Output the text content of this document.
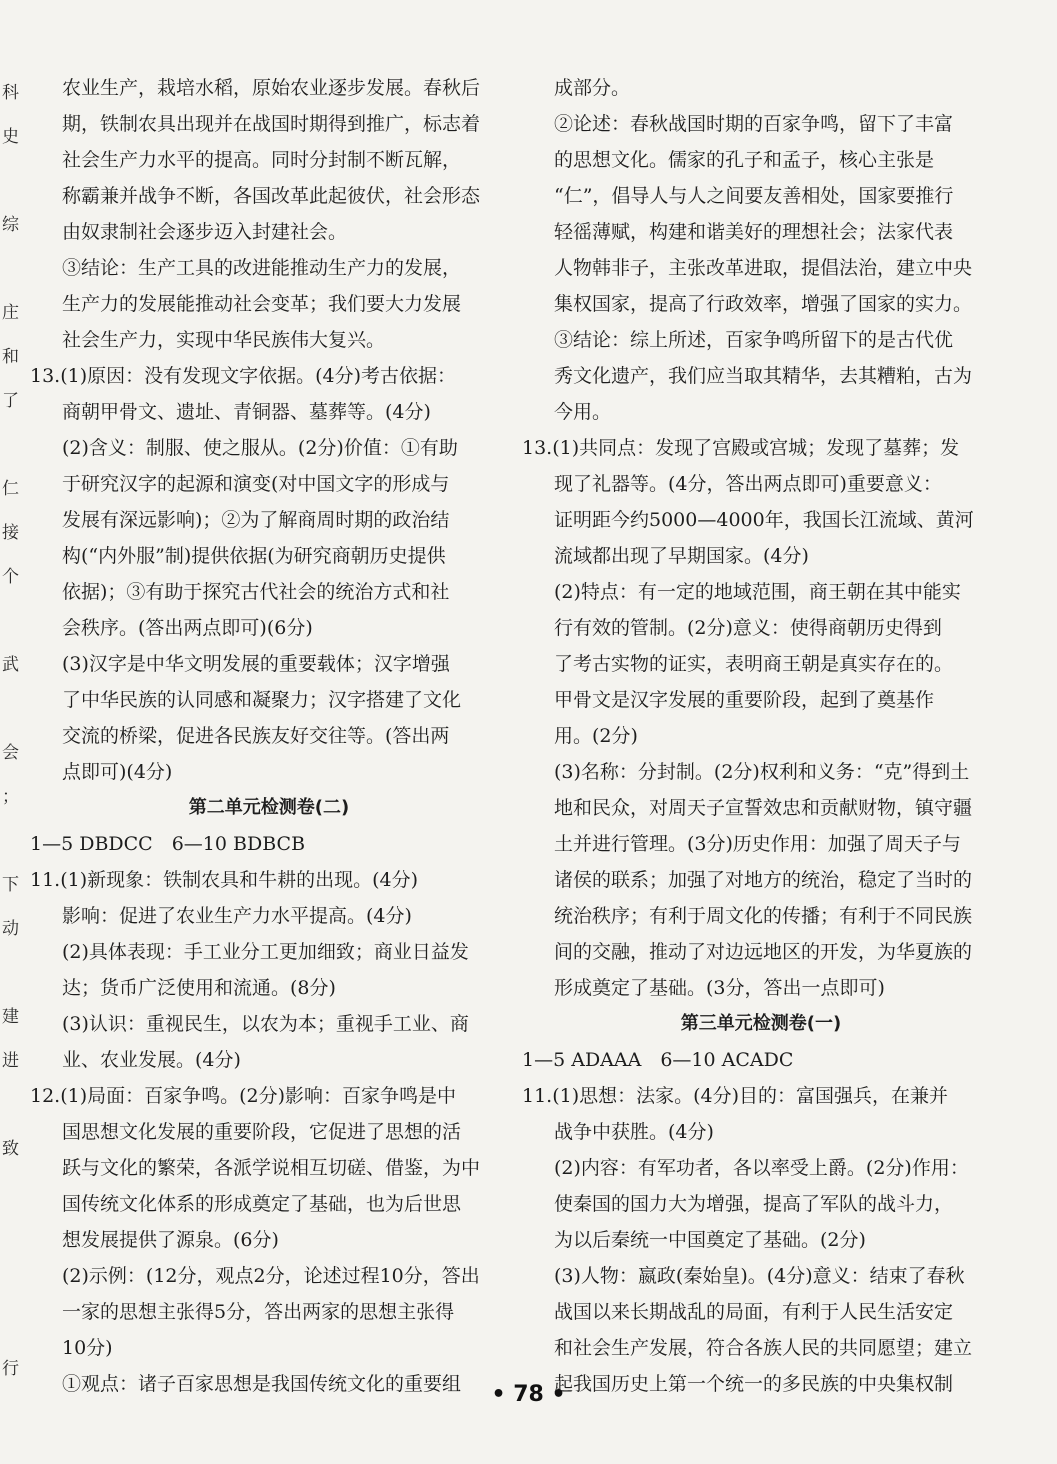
科
史
综
庄
和
了
仁
接
个
武
会
；
下
动
建
进
致
行
农业生产，栽培水稻，原始农业逐步发展。春秋后
期，铁制农具出现并在战国时期得到推广，标志着
社会生产力水平的提高。同时分封制不断瓦解，
称霸兼并战争不断，各国改革此起彼伏，社会形态
由奴隶制社会逐步迈入封建社会。
③结论：生产工具的改进能推动生产力的发展，
生产力的发展能推动社会变革；我们要大力发展
社会生产力，实现中华民族伟大复兴。
13.(1)原因：没有发现文字依据。(4分)考古依据：
商朝甲骨文、遗址、青铜器、墓葬等。(4分)
(2)含义：制服、使之服从。(2分)价值：①有助
于研究汉字的起源和演变(对中国文字的形成与
发展有深远影响)；②为了解商周时期的政治结
构(“内外服”制)提供依据(为研究商朝历史提供
依据)；③有助于探究古代社会的统治方式和社
会秩序。(答出两点即可)(6分)
(3)汉字是中华文明发展的重要载体；汉字增强
了中华民族的认同感和凝聚力；汉字搭建了文化
交流的桥梁，促进各民族友好交往等。(答出两
点即可)(4分)
第二单元检测卷(二)
1—5 DBDCC　6—10 BDBCB
11.(1)新现象：铁制农具和牛耕的出现。(4分)
影响：促进了农业生产力水平提高。(4分)
(2)具体表现：手工业分工更加细致；商业日益发
达；货币广泛使用和流通。(8分)
(3)认识：重视民生，以农为本；重视手工业、商
业、农业发展。(4分)
12.(1)局面：百家争鸣。(2分)影响：百家争鸣是中
国思想文化发展的重要阶段，它促进了思想的活
跃与文化的繁荣，各派学说相互切磋、借鉴，为中
国传统文化体系的形成奠定了基础，也为后世思
想发展提供了源泉。(6分)
(2)示例：(12分，观点2分，论述过程10分，答出
一家的思想主张得5分，答出两家的思想主张得
10分)
①观点：诸子百家思想是我国传统文化的重要组
成部分。
②论述：春秋战国时期的百家争鸣，留下了丰富
的思想文化。儒家的孔子和孟子，核心主张是
“仁”，倡导人与人之间要友善相处，国家要推行
轻徭薄赋，构建和谐美好的理想社会；法家代表
人物韩非子，主张改革进取，提倡法治，建立中央
集权国家，提高了行政效率，增强了国家的实力。
③结论：综上所述，百家争鸣所留下的是古代优
秀文化遗产，我们应当取其精华，去其糟粕，古为
今用。
13.(1)共同点：发现了宫殿或宫城；发现了墓葬；发
现了礼器等。(4分，答出两点即可)重要意义：
证明距今约5000—4000年，我国长江流域、黄河
流域都出现了早期国家。(4分)
(2)特点：有一定的地域范围，商王朝在其中能实
行有效的管制。(2分)意义：使得商朝历史得到
了考古实物的证实，表明商王朝是真实存在的。
甲骨文是汉字发展的重要阶段，起到了奠基作
用。(2分)
(3)名称：分封制。(2分)权利和义务：“克”得到土
地和民众，对周天子宣誓效忠和贡献财物，镇守疆
土并进行管理。(3分)历史作用：加强了周天子与
诸侯的联系；加强了对地方的统治，稳定了当时的
统治秩序；有利于周文化的传播；有利于不同民族
间的交融，推动了对边远地区的开发，为华夏族的
形成奠定了基础。(3分，答出一点即可)
第三单元检测卷(一)
1—5 ADAAA　6—10 ACADC
11.(1)思想：法家。(4分)目的：富国强兵，在兼并
战争中获胜。(4分)
(2)内容：有军功者，各以率受上爵。(2分)作用：
使秦国的国力大为增强，提高了军队的战斗力，
为以后秦统一中国奠定了基础。(2分)
(3)人物：嬴政(秦始皇)。(4分)意义：结束了春秋
战国以来长期战乱的局面，有利于人民生活安定
和社会生产发展，符合各族人民的共同愿望；建立
起我国历史上第一个统一的多民族的中央集权制
• 78 •
